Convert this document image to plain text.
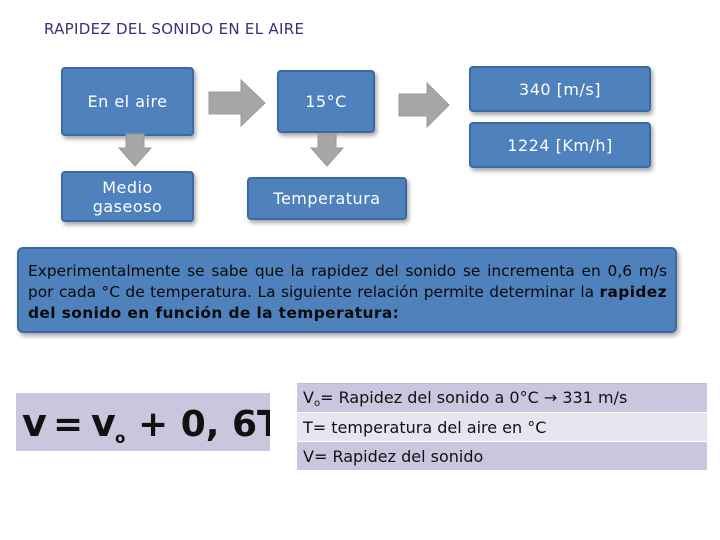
RAPIDEZ DEL SONIDO EN EL AIRE
En el aire	15°C
340 [m/s]
1224 [Km/h]
Medio gaseoso	Temperatura
Experimentalmente se sabe que la rapidez del sonido se incrementa en 0,6 m/s por cada °C de temperatura. La siguiente relación permite determinar la rapidez del sonido en función de la temperatura:
v = v o + 0, 6T
$V_o=$ Rapidez del sonido a 0°C → 331 m/s
T= temperatura del aire en °C
V= Rapidez del sonido
